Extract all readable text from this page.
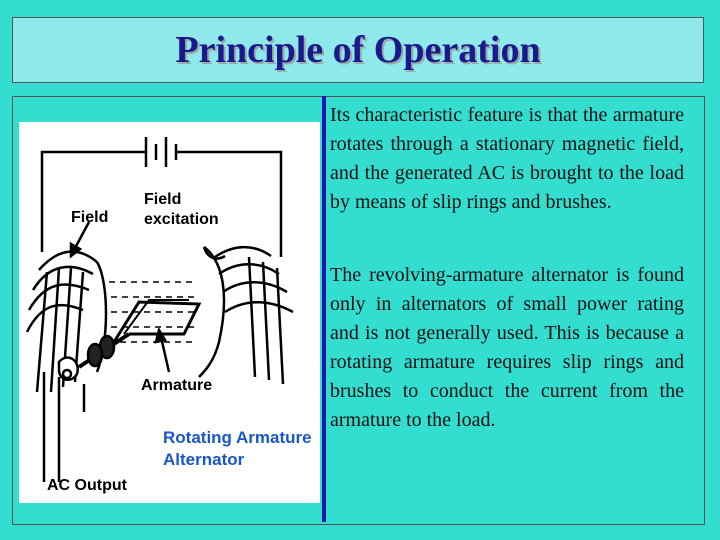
Principle of Operation
Field
excitation
Field
Armature
AC Output
Rotating Armature
Alternator

Its characteristic feature is that the armature rotates through a stationary magnetic field, and the generated AC is brought to the load by means of slip rings and brushes.

The revolving-armature alternator is found only in alternators of small power rating and is not generally used. This is because a rotating armature requires slip rings and brushes to conduct the current from the armature to the load.
